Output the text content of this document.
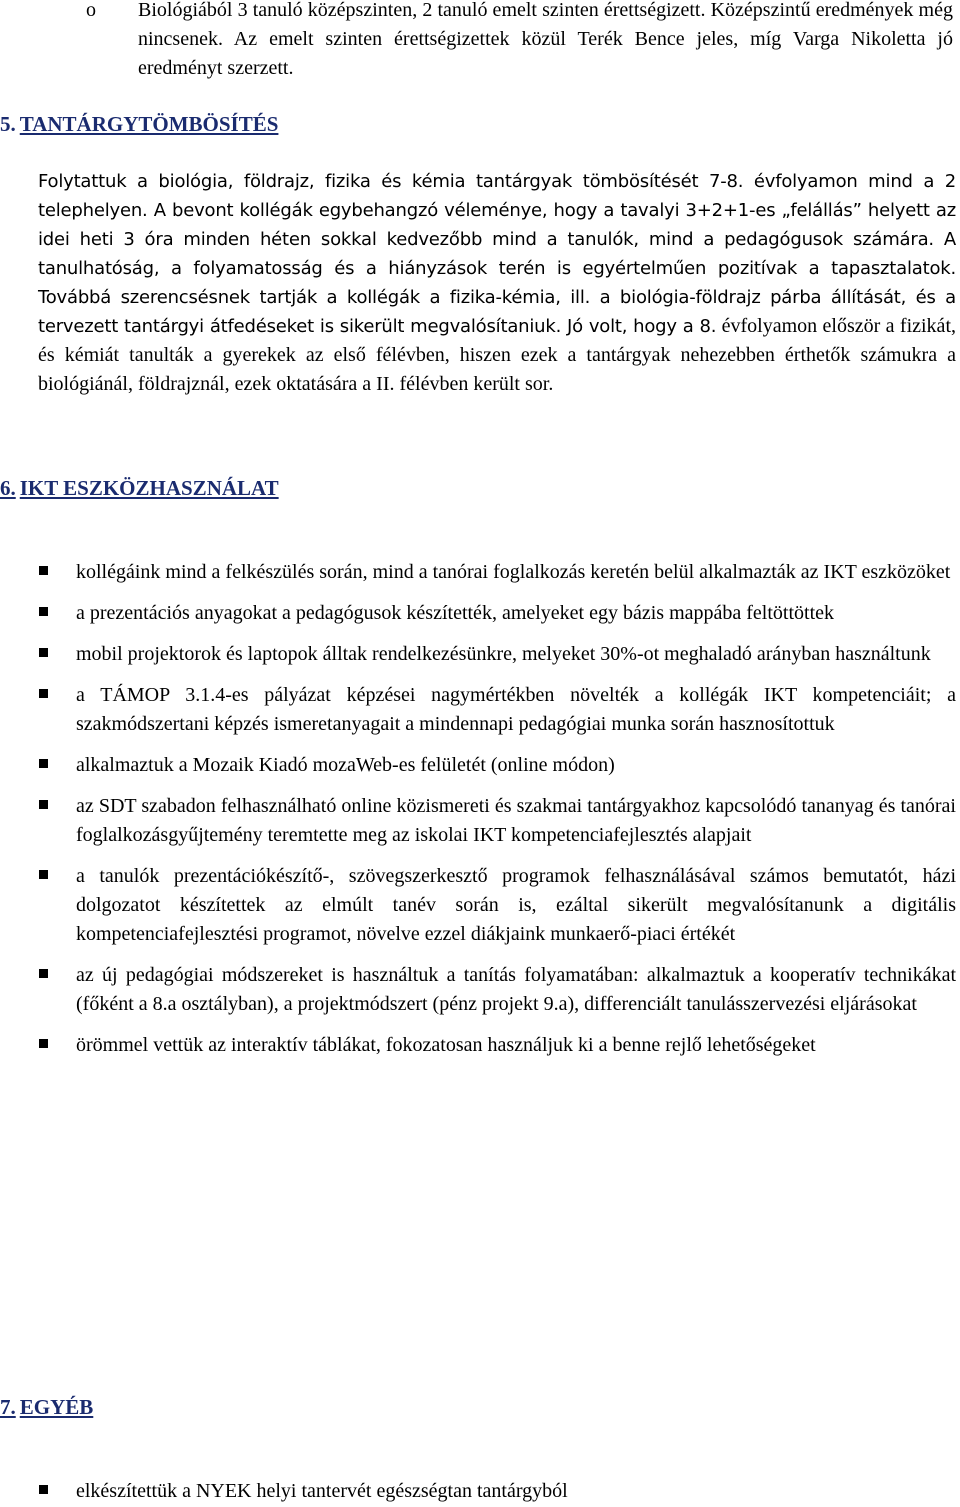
o Biológiából 3 tanuló középszinten, 2 tanuló emelt szinten érettségizett. Középszintű eredmények még nincsenek. Az emelt szinten érettségizettek közül Terék Bence jeles, míg Varga Nikoletta jó eredményt szerzett.
5. TANTÁRGYTÖMBÖSÍTÉS

Folytattuk a biológia, földrajz, fizika és kémia tantárgyak tömbösítését 7-8. évfolyamon mind a 2 telephelyen. A bevont kollégák egybehangzó véleménye, hogy a tavalyi 3+2+1-es „felállás” helyett az idei heti 3 óra minden héten sokkal kedvezőbb mind a tanulók, mind a pedagógusok számára. A tanulhatóság, a folyamatosság és a hiányzások terén is egyértelműen pozitívak a tapasztalatok. Továbbá szerencsésnek tartják a kollégák a fizika-kémia, ill. a biológia-földrajz párba állítását, és a tervezett tantárgyi átfedéseket is sikerült megvalósítaniuk. Jó volt, hogy a 8. évfolyamon először a fizikát, és kémiát tanulták a gyerekek az első félévben, hiszen ezek a tantárgyak nehezebben érthetők számukra a biológiánál, földrajznál, ezek oktatására a II. félévben került sor.

6. IKT ESZKÖZHASZNÁLAT
kollégáink mind a felkészülés során, mind a tanórai foglalkozás keretén belül alkalmazták az IKT eszközöket
a prezentációs anyagokat a pedagógusok készítették, amelyeket egy bázis mappába feltöttöttek
mobil projektorok és laptopok álltak rendelkezésünkre, melyeket 30%-ot meghaladó arányban használtunk
a TÁMOP 3.1.4-es pályázat képzései nagymértékben növelték a kollégák IKT kompetenciáit; a szakmódszertani képzés ismeretanyagait a mindennapi pedagógiai munka során hasznosítottuk
alkalmaztuk a Mozaik Kiadó mozaWeb-es felületét (online módon)
az SDT szabadon felhasználható online közismereti és szakmai tantárgyakhoz kapcsolódó tananyag és tanórai foglalkozásgyűjtemény teremtette meg az iskolai IKT kompetenciafejlesztés alapjait
a tanulók prezentációkészítő-, szövegszerkesztő programok felhasználásával számos bemutatót, házi dolgozatot készítettek az elmúlt tanév során is, ezáltal sikerült megvalósítanunk a digitális kompetenciafejlesztési programot, növelve ezzel diákjaink munkaerő-piaci értékét
az új pedagógiai módszereket is használtuk a tanítás folyamatában: alkalmaztuk a kooperatív technikákat (főként a 8.a osztályban), a projektmódszert (pénz projekt 9.a), differenciált tanulásszervezési eljárásokat
örömmel vettük az interaktív táblákat, fokozatosan használjuk ki a benne rejlő lehetőségeket
7. EGYÉB
elkészítettük a NYEK helyi tantervét egészségtan tantárgyból
